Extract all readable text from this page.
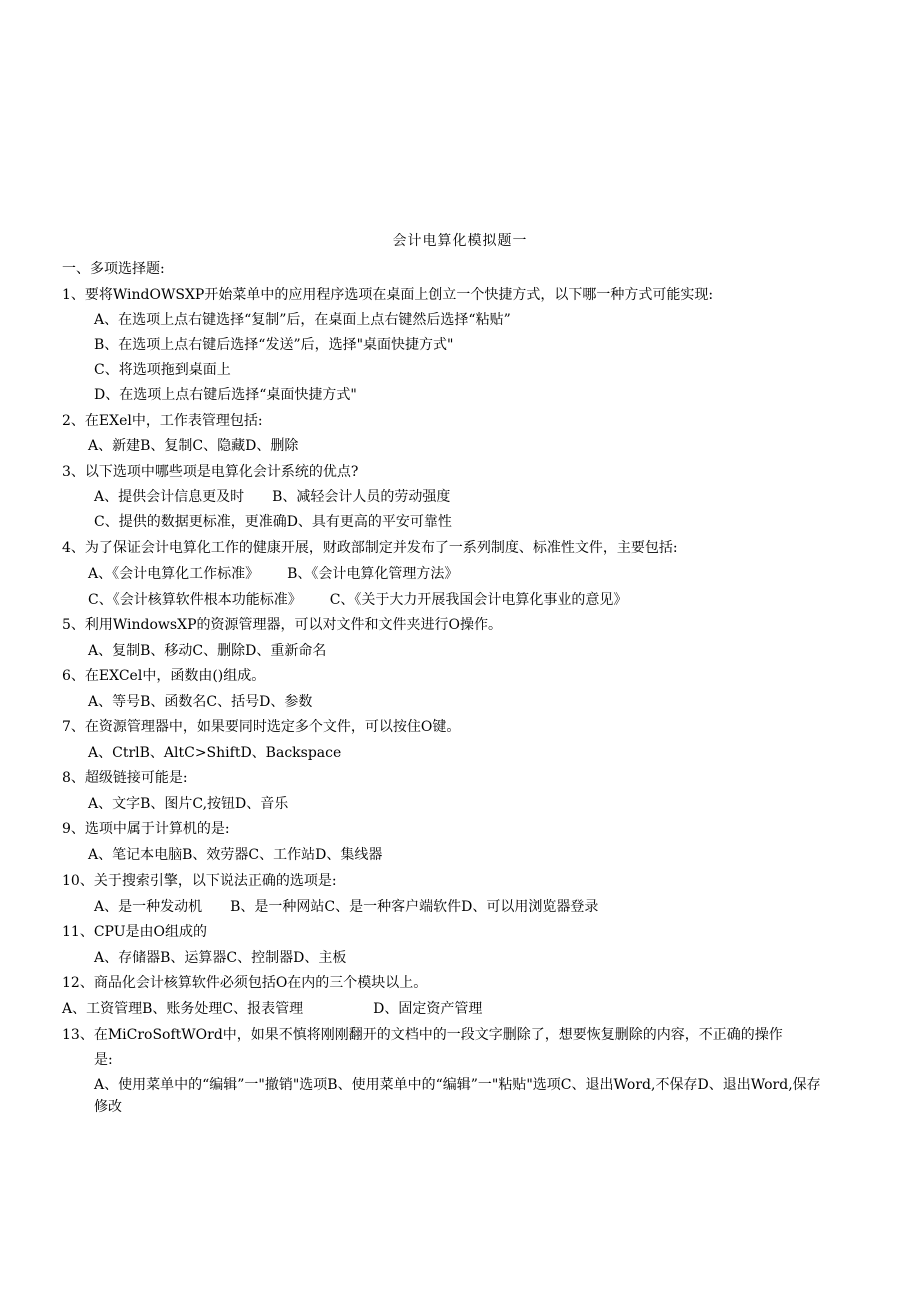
会计电算化模拟题一
一、多项选择题:
1、要将WindOWSXP开始菜单中的应用程序选项在桌面上创立一个快捷方式，以下哪一种方式可能实现:
A、在选项上点右键选择“复制”后，在桌面上点右键然后选择“粘贴”
B、在选项上点右键后选择“发送”后，选择"桌面快捷方式"
C、将选项拖到桌面上
D、在选项上点右键后选择“桌面快捷方式"
2、在EXel中，工作表管理包括:
A、新建B、复制C、隐藏D、删除
3、以下选项中哪些项是电算化会计系统的优点?
A、提供会计信息更及时 B、减轻会计人员的劳动强度
C、提供的数据更标准，更准确D、具有更高的平安可靠性
4、为了保证会计电算化工作的健康开展，财政部制定并发布了一系列制度、标准性文件，主要包括:
A、《会计电算化工作标准》 B、《会计电算化管理方法》
C、《会计核算软件根本功能标准》 C、《关于大力开展我国会计电算化事业的意见》
5、利用WindowsXP的资源管理器，可以对文件和文件夹进行O操作。
A、复制B、移动C、删除D、重新命名
6、在EXCel中，函数由()组成。
A、等号B、函数名C、括号D、参数
7、在资源管理器中，如果要同时选定多个文件，可以按住O键。
A、CtrlB、AltC>ShiftD、Backspace
8、超级链接可能是:
A、文字B、图片C,按钮D、音乐
9、选项中属于计算机的是:
A、笔记本电脑B、效劳器C、工作站D、集线器
10、关于搜索引擎，以下说法正确的选项是:
A、是一种发动机 B、是一种网站C、是一种客户端软件D、可以用浏览器登录
11、CPU是由O组成的
A、存储器B、运算器C、控制器D、主板
12、商品化会计核算软件必须包括O在内的三个模块以上。
A、工资管理B、账务处理C、报表管理	D、固定资产管理
13、在MiCroSoftWOrd中，如果不慎将刚刚翻开的文档中的一段文字删除了，想要恢复删除的内容，不正确的操作
是:
A、使用菜单中的“编辑”一"撤销"选项B、使用菜单中的“编辑”一"粘贴"选项C、退出Word,不保存D、退出Word,保存修改
